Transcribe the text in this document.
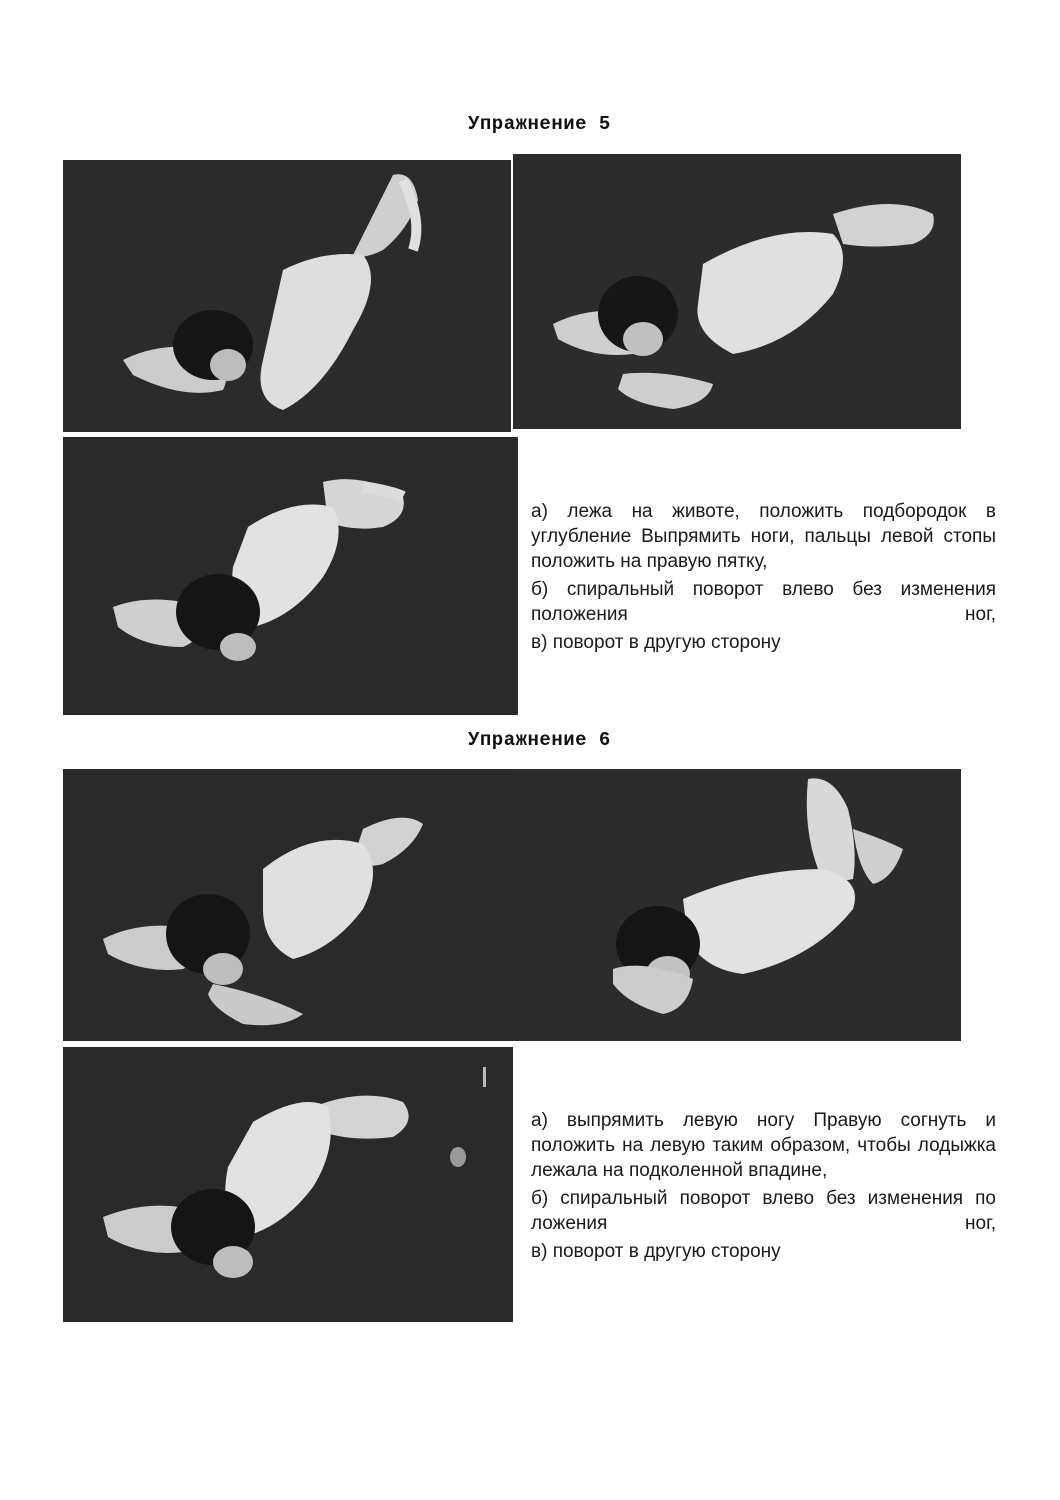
Упражнение 5

а) лежа на животе, положить подбородок в углубление Выпрямить ноги, пальцы левой стопы положить на правую пятку,

б) спиральный поворот влево без изменения положения ног,

в) поворот в другую сторону

Упражнение 6

а) выпрямить левую ногу Правую согнуть и положить на левую таким образом, чтобы лодыжка лежала на подколенной впадине,

б) спиральный поворот влево без изменения по ложения ног,

в) поворот в другую сторону
